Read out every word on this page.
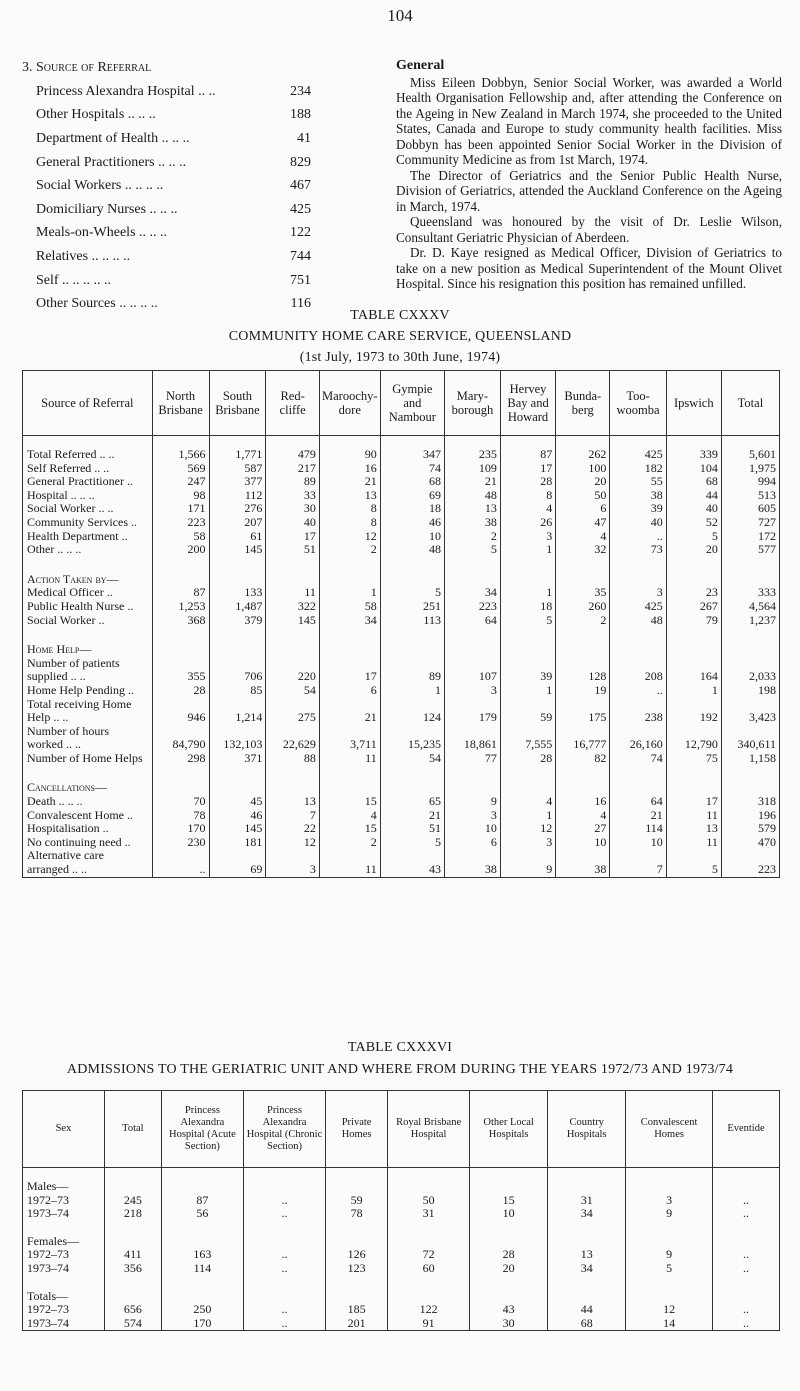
104
3. Source of Referral
Princess Alexandra Hospital .. ..	234
Other Hospitals .. .. ..	188
Department of Health .. .. ..	41
General Practitioners .. .. ..	829
Social Workers .. .. .. ..	467
Domiciliary Nurses .. .. ..	425
Meals-on-Wheels .. .. ..	122
Relatives .. .. .. ..	744
Self .. .. .. .. ..	751
Other Sources .. .. .. ..	116
General

Miss Eileen Dobbyn, Senior Social Worker, was awarded a World Health Organisation Fellowship and, after attending the Conference on the Ageing in New Zealand in March 1974, she proceeded to the United States, Canada and Europe to study community health facilities. Miss Dobbyn has been appointed Senior Social Worker in the Division of Community Medicine as from 1st March, 1974.

The Director of Geriatrics and the Senior Public Health Nurse, Division of Geriatrics, attended the Auckland Conference on the Ageing in March, 1974.

Queensland was honoured by the visit of Dr. Leslie Wilson, Consultant Geriatric Physician of Aberdeen.

Dr. D. Kaye resigned as Medical Officer, Division of Geriatrics to take on a new position as Medical Superintendent of the Mount Olivet Hospital. Since his resignation this position has remained unfilled.

TABLE CXXXV
COMMUNITY HOME CARE SERVICE, QUEENSLAND
(1st July, 1973 to 30th June, 1974)
Source of Referral	North Brisbane	South Brisbane	Red-cliffe	Maroochy-dore	Gympie and Nambour	Mary-borough	Hervey Bay and Howard	Bunda-berg	Too-woomba	Ipswich	Total

Total Referred .. ..	1,566	1,771	479	90	347	235	87	262	425	339	5,601
Self Referred .. ..	569	587	217	16	74	109	17	100	182	104	1,975
General Practitioner ..	247	377	89	21	68	21	28	20	55	68	994
Hospital .. .. ..	98	112	33	13	69	48	8	50	38	44	513
Social Worker .. ..	171	276	30	8	18	13	4	6	39	40	605
Community Services ..	223	207	40	8	46	38	26	47	40	52	727
Health Department ..	58	61	17	12	10	2	3	4	..	5	172
Other .. .. ..	200	145	51	2	48	5	1	32	73	20	577

Action Taken by—											
Medical Officer ..	87	133	11	1	5	34	1	35	3	23	333
Public Health Nurse ..	1,253	1,487	322	58	251	223	18	260	425	267	4,564
Social Worker ..	368	379	145	34	113	64	5	2	48	79	1,237

Home Help—											
Number of patients											
supplied .. ..	355	706	220	17	89	107	39	128	208	164	2,033
Home Help Pending ..	28	85	54	6	1	3	1	19	..	1	198
Total receiving Home											
Help .. ..	946	1,214	275	21	124	179	59	175	238	192	3,423
Number of hours											
worked .. ..	84,790	132,103	22,629	3,711	15,235	18,861	7,555	16,777	26,160	12,790	340,611
Number of Home Helps	298	371	88	11	54	77	28	82	74	75	1,158

Cancellations—											
Death .. .. ..	70	45	13	15	65	9	4	16	64	17	318
Convalescent Home ..	78	46	7	4	21	3	1	4	21	11	196
Hospitalisation ..	170	145	22	15	51	10	12	27	114	13	579
No continuing need ..	230	181	12	2	5	6	3	10	10	11	470
Alternative care											
arranged .. ..	..	69	3	11	43	38	9	38	7	5	223
TABLE CXXXVI
ADMISSIONS TO THE GERIATRIC UNIT AND WHERE FROM DURING THE YEARS 1972/73 AND 1973/74
Sex	Total	Princess Alexandra Hospital (Acute Section)	Princess Alexandra Hospital (Chronic Section)	Private Homes	Royal Brisbane Hospital	Other Local Hospitals	Country Hospitals	Convalescent Homes	Eventide

Males—									
1972–73	245	87	..	59	50	15	31	3	..
1973–74	218	56	..	78	31	10	34	9	..

Females—									
1972–73	411	163	..	126	72	28	13	9	..
1973–74	356	114	..	123	60	20	34	5	..

Totals—									
1972–73	656	250	..	185	122	43	44	12	..
1973–74	574	170	..	201	91	30	68	14	..
